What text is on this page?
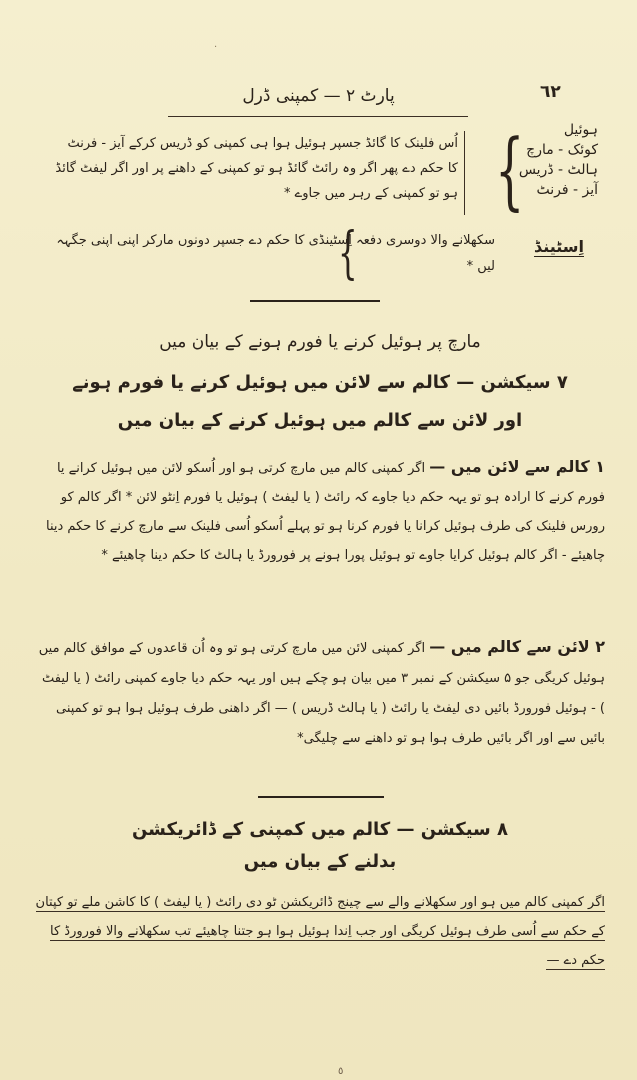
·
٦٢
پارٹ ۲ — کمپنی ڈرل
ہوئیل
کوئک - مارچ
ہالٹ - ڈریس
آیز - فرنٹ
{
اُس فلینک کا گائڈ جسپر ہوئیل ہوا ہی کمپنی کو ڈریس کرکے آیز - فرنٹ کا حکم دے پھر اگر وہ رائٹ گائڈ ہو تو کمپنی کے داھنے پر اور اگر لیفٹ گائڈ ہو تو کمپنی کے رہر میں جاوے *
اِسٹینڈ
{
سکھلانے والا دوسری دفعہ اِسٹینڈی کا حکم دے جسپر دونوں مارکر اپنی اپنی جگہہ لیں *
مارچ پر ہوئیل کرنے یا فورم ہونے کے بیان میں
۷ سیکشن — کالم سے لائن میں ہوئیل کرنے یا فورم ہونے
اور لائن سے کالم میں ہوئیل کرنے کے بیان میں
۱ کالم سے لائن میں — اگر کمپنی کالم میں مارچ کرتی ہو اور اُسکو لائن میں ہوئیل کرانے یا فورم کرنے کا ارادہ ہو تو یہہ حکم دیا جاوے کہ رائٹ ( یا لیفٹ ) ہوئیل یا فورم اِنٹو لائن * اگر کالم کو رورس فلینک کی طرف ہوئیل کرانا یا فورم کرنا ہو تو پہلے اُسکو اُسی فلینک سے مارچ کرنے کا حکم دینا چاھیئے - اگر کالم ہوئیل کرایا جاوے تو ہوئیل پورا ہونے پر فورورڈ یا ہالٹ کا حکم دینا چاھیئے *
۲ لائن سے کالم میں — اگر کمپنی لائن میں مارچ کرتی ہو تو وہ اُن قاعدوں کے موافق کالم میں ہوئیل کریگی جو ۵ سیکشن کے نمبر ۳ میں بیان ہو چکے ہیں اور یہہ حکم دیا جاوے کمپنی رائٹ ( یا لیفٹ ) - ہوئیل فورورڈ بائیں دی لیفٹ یا رائٹ ( یا ہالٹ ڈریس ) — اگر داھنی طرف ہوئیل ہوا ہو تو کمپنی بائیں سے اور اگر بائیں طرف ہوا ہو تو داھنے سے چلیگی*
۸ سیکشن — کالم میں کمپنی کے ڈائریکشن
بدلنے کے بیان میں
اگر کمپنی کالم میں ہو اور سکھلانے والے سے چینج ڈائریکشن ٹو دی رائٹ ( یا لیفٹ ) کا کاشن ملے تو کپتان کے حکم سے اُسی طرف ہوئیل کریگی اور جب اِندا ہوئیل ہوا ہو جتنا چاھیئے تب سکھلانے والا فورورڈ کا حکم دے —
٥
